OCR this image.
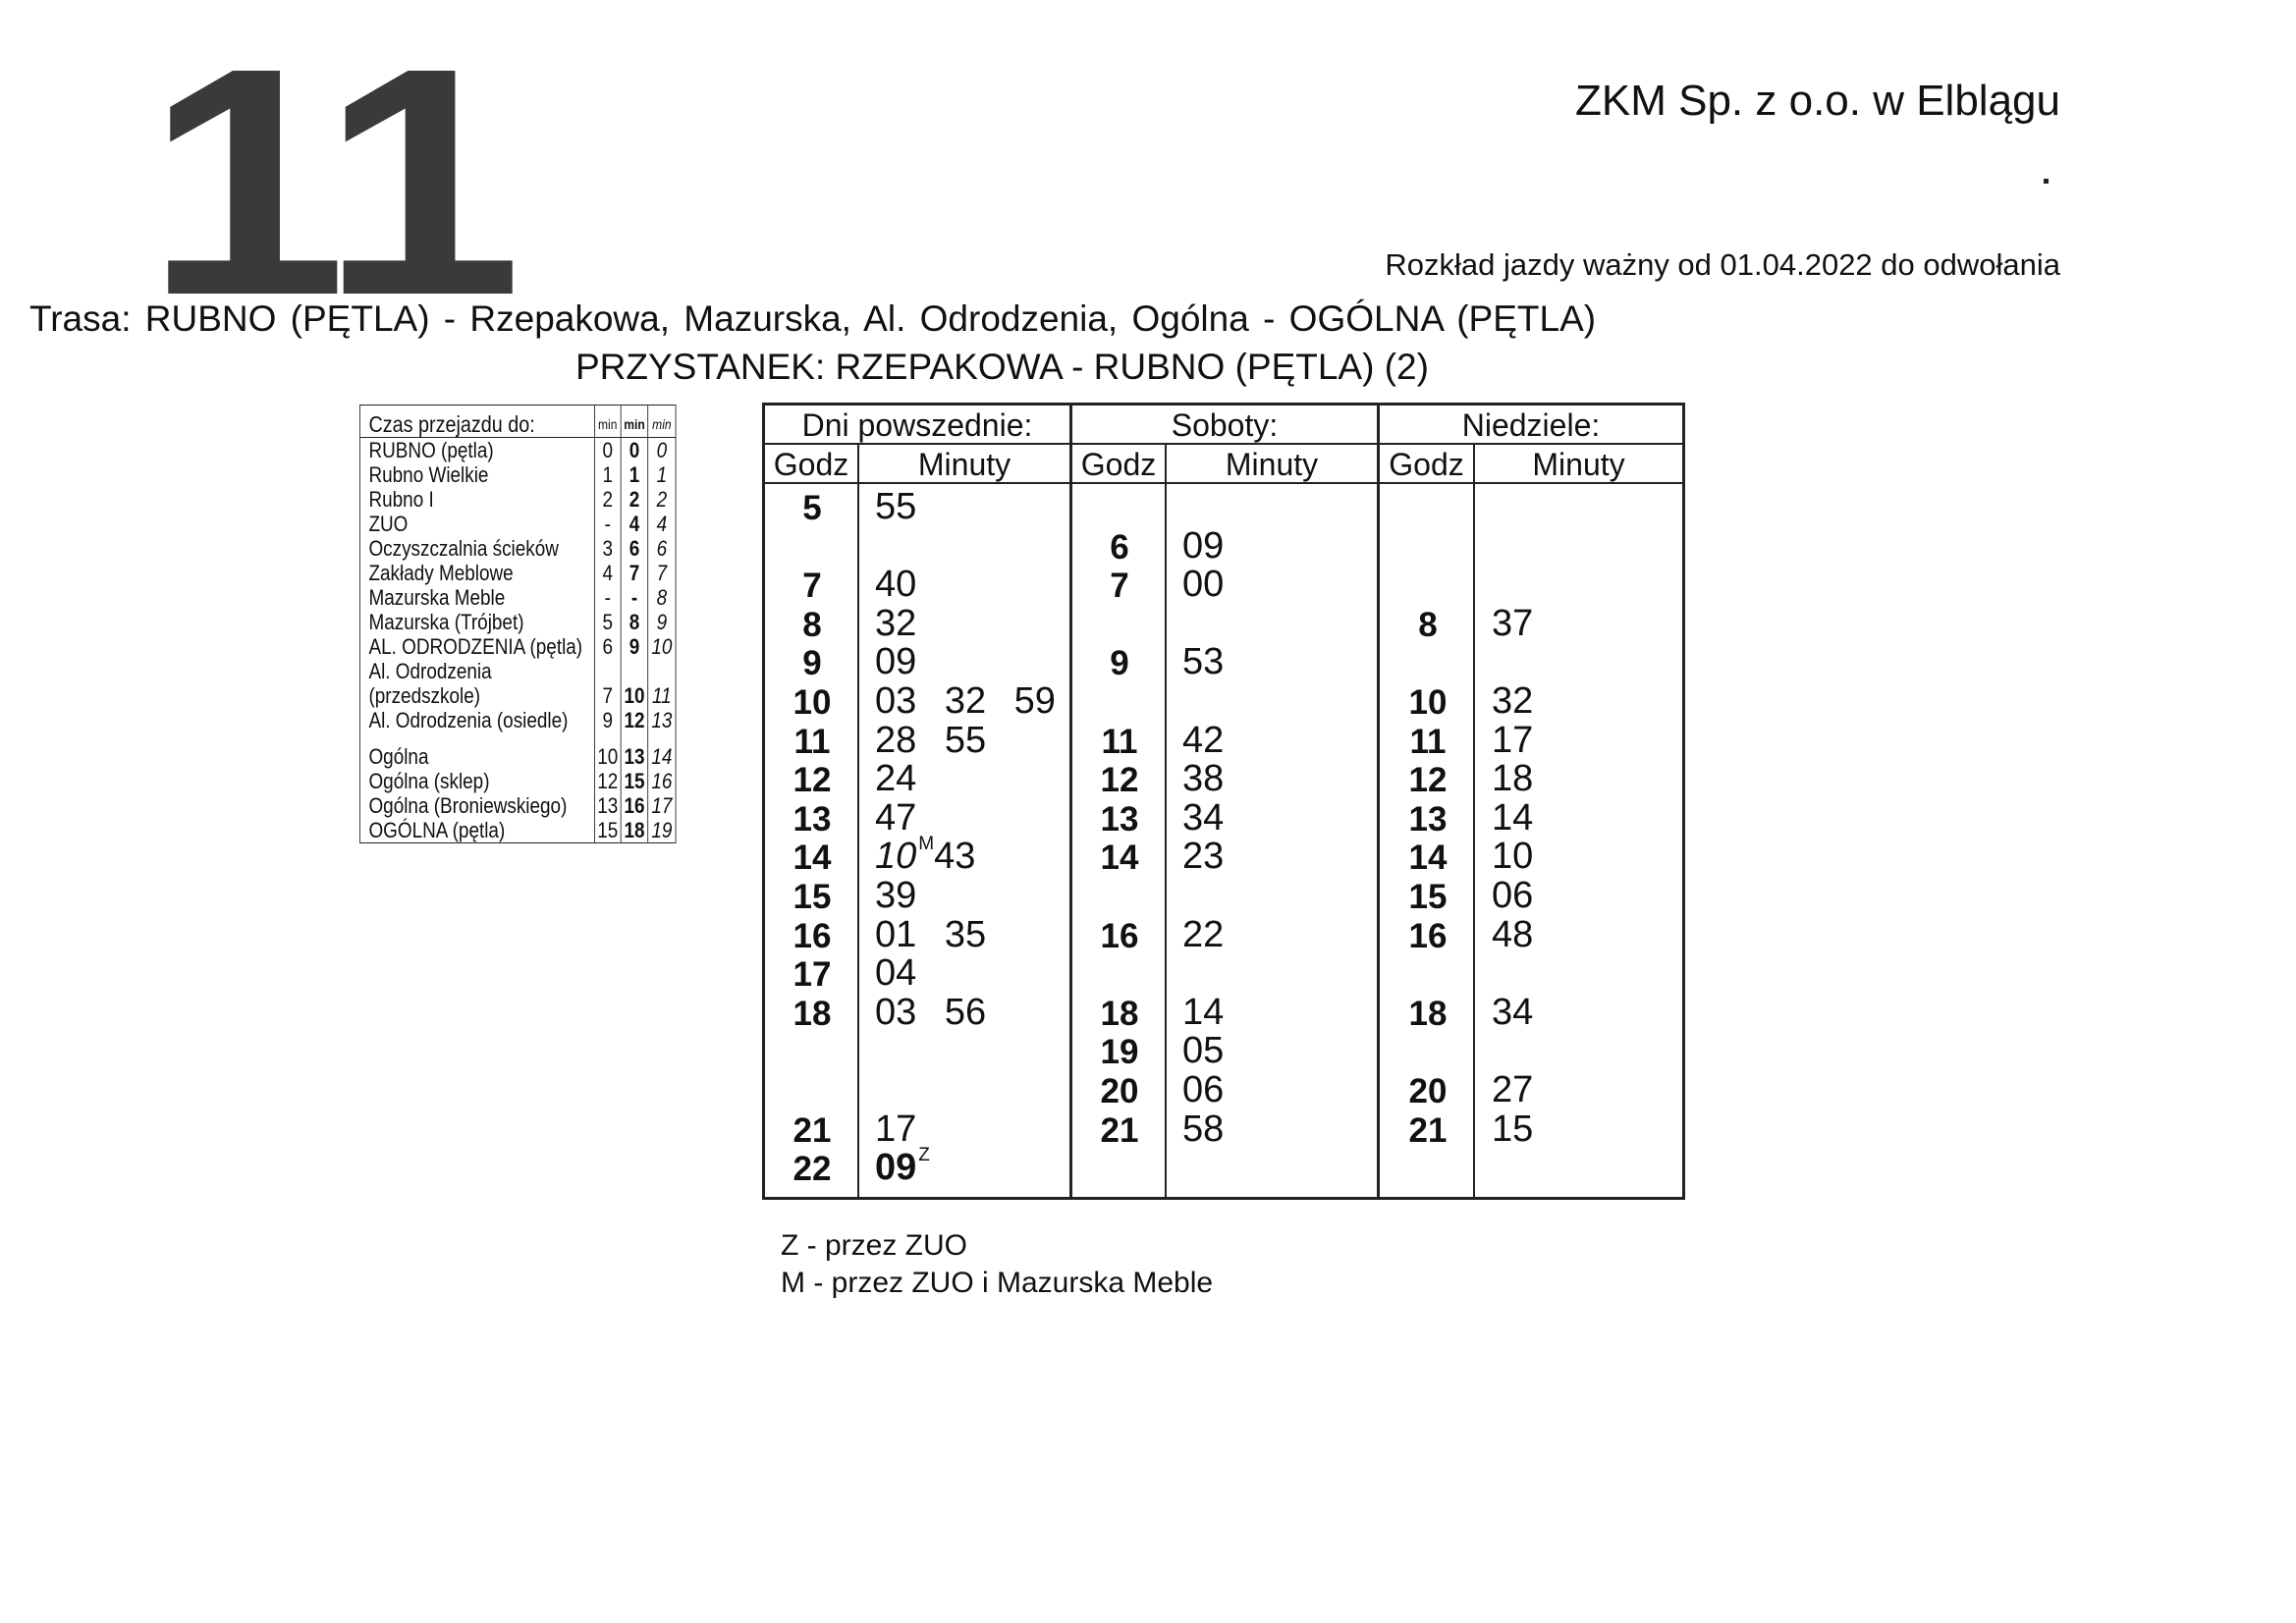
11	ZKM Sp. z o.o. w Elblągu
Rozkład jazdy ważny od 01.04.2022 do odwołania
Trasa: RUBNO (PĘTLA) - Rzepakowa, Mazurska, Al. Odrodzenia, Ogólna - OGÓLNA (PĘTLA)
PRZYSTANEK: RZEPAKOWA - RUBNO (PĘTLA) (2)
Czas przejazdu do:	min	min	min
RUBNO (pętla)	0	0	0
Rubno Wielkie	1	1	1
Rubno I	2	2	2
ZUO	-	4	4
Oczyszczalnia ścieków	3	6	6
Zakłady Meblowe	4	7	7
Mazurska Meble	-	-	8
Mazurska (Trójbet)	5	8	9
AL. ODRODZENIA (pętla)	6	9	10
Al. Odrodzenia			
(przedszkole)	7	10	11
Al. Odrodzenia (osiedle)	9	12	13

Ogólna	10	13	14
Ogólna (sklep)	12	15	16
Ogólna (Broniewskiego)	13	16	17
OGÓLNA (pętla)	15	18	19
Dni powszednie:	Soboty:	Niedziele:
Godz	Minuty	Godz	Minuty	Godz	Minuty
5	55
7	40
8	32
9	09
10	03 32 59
11	28 55
12	24
13	47
14	10 $^M$43
15	39
16	01 35
17	04
18	03 56
21	17
22	09 $^Z$
6	09
7	00
9	53
11	42
12	38
13	34
14	23
16	22
18	14
19	05
20	06
21	58
8	37
10	32
11	17
12	18
13	14
14	10
15	06
16	48
18	34
20	27
21	15
Z - przez ZUO
M - przez ZUO i Mazurska Meble
